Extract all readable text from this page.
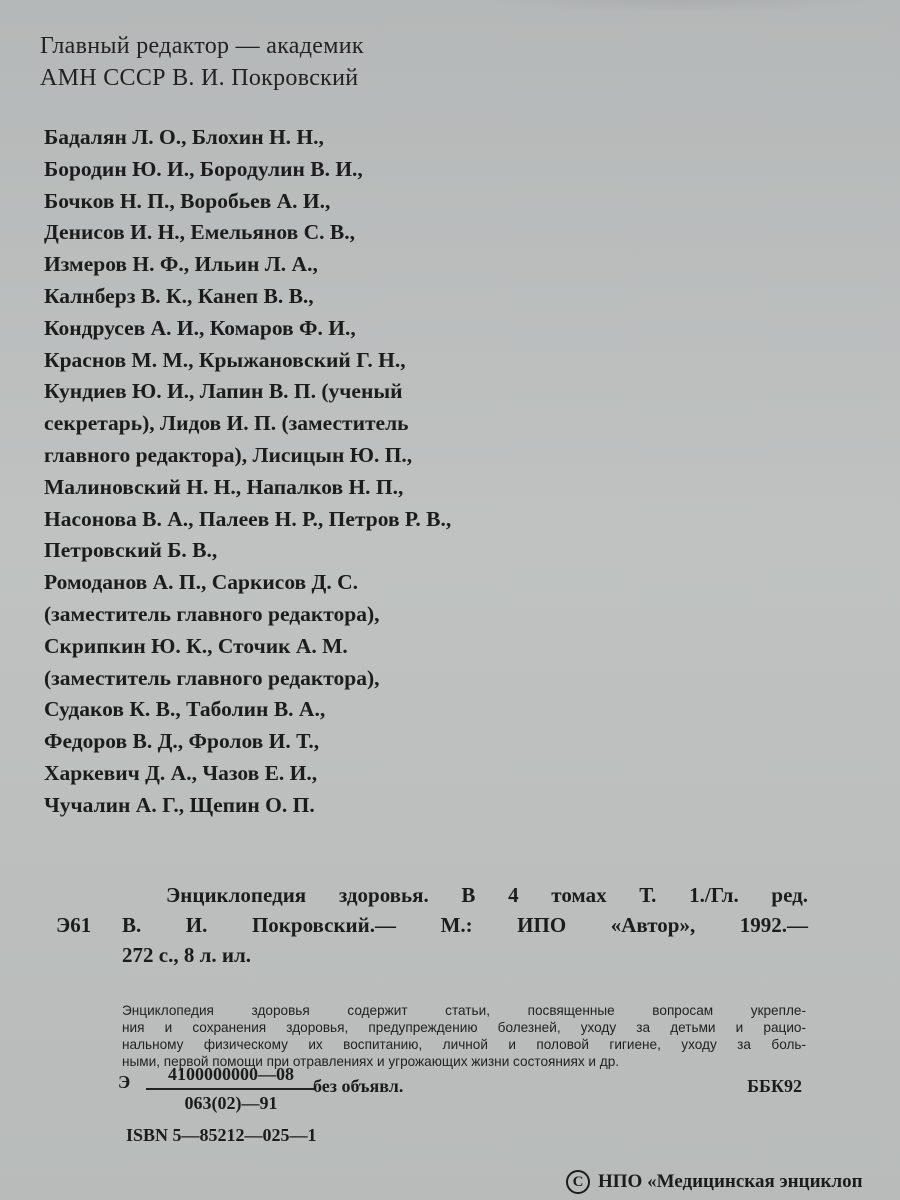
Главный редактор — академик
АМН СССР В. И. Покровский
Бадалян Л. О., Блохин Н. Н.,
Бородин Ю. И., Бородулин В. И.,
Бочков Н. П., Воробьев А. И.,
Денисов И. Н., Емельянов С. В.,
Измеров Н. Ф., Ильин Л. А.,
Калнберз В. К., Канеп В. В.,
Кондрусев А. И., Комаров Ф. И.,
Краснов М. М., Крыжановский Г. Н.,
Кундиев Ю. И., Лапин В. П. (ученый
секретарь), Лидов И. П. (заместитель
главного редактора), Лисицын Ю. П.,
Малиновский Н. Н., Напалков Н. П.,
Насонова В. А., Палеев Н. Р., Петров Р. В.,
Петровский Б. В.,
Ромоданов А. П., Саркисов Д. С.
(заместитель главного редактора),
Скрипкин Ю. К., Сточик А. М.
(заместитель главного редактора),
Судаков К. В., Таболин В. А.,
Федоров В. Д., Фролов И. Т.,
Харкевич Д. А., Чазов Е. И.,
Чучалин А. Г., Щепин О. П.
Энциклопедия здоровья. В 4 томах Т. 1./Гл. ред.
Э61 В. И. Покровский.— М.: ИПО «Автор», 1992.—
272 с., 8 л. ил.
Энциклопедия здоровья содержит статьи, посвященные вопросам укрепле-
ния и сохранения здоровья, предупреждению болезней, уходу за детьми и рацио-
нальному физическому их воспитанию, личной и половой гигиене, уходу за боль-
ными, первой помощи при отравлениях и угрожающих жизни состояниях и др.
Э $\frac{4100000000—08}{063(02)—91}$
без объявл.	ББК92
ISBN 5—85212—025—1
C НПО «Медицинская энциклоп
